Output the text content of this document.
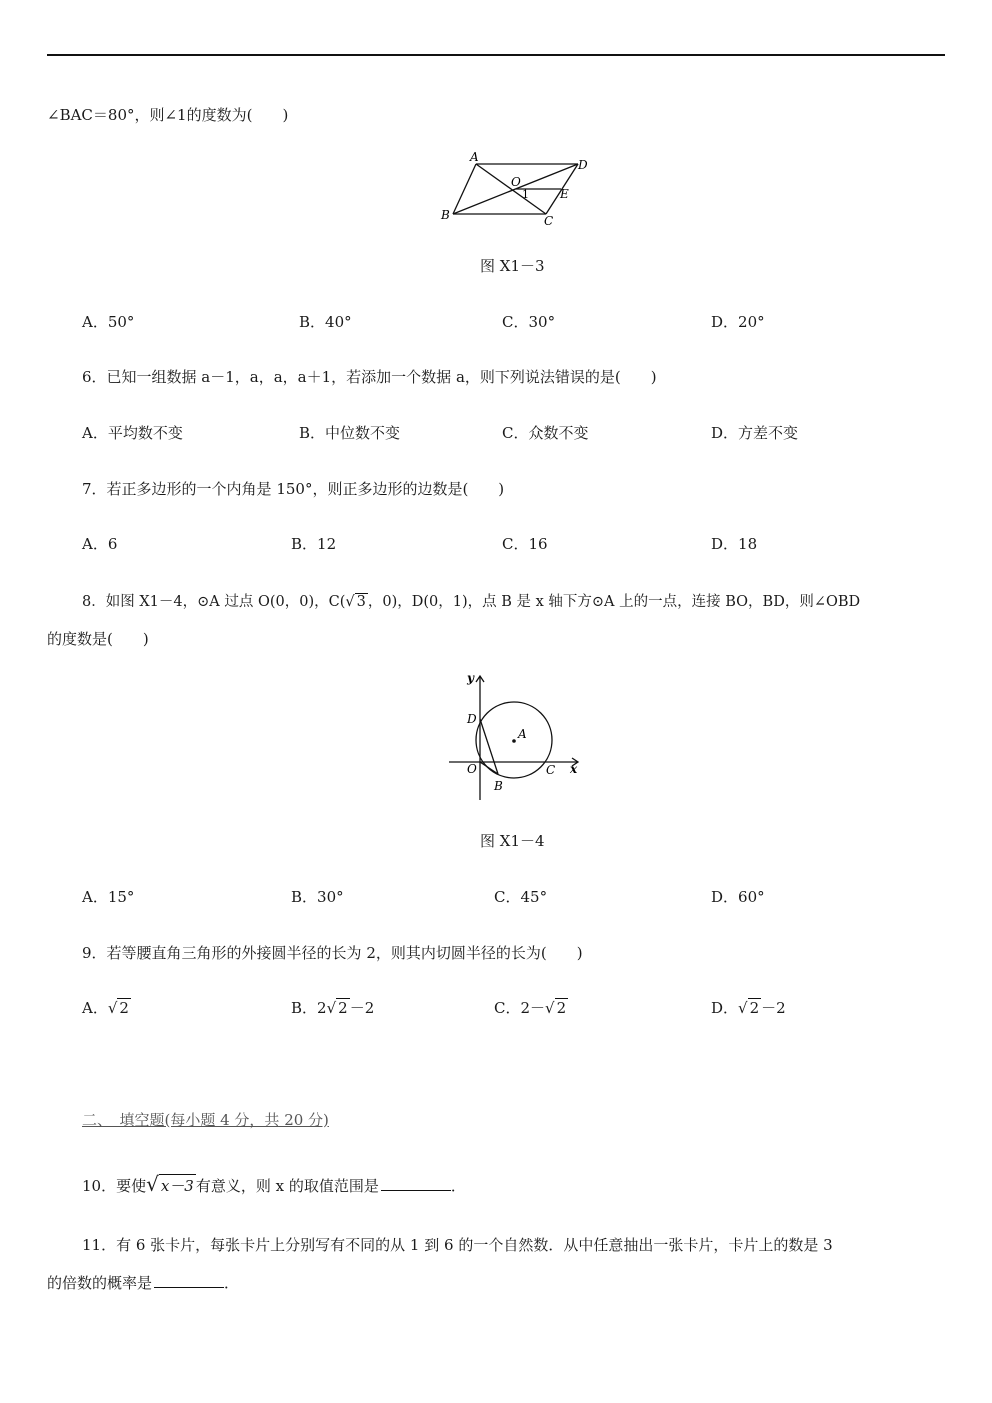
∠BAC＝80°，则∠1的度数为(　　)
A
D
O
E
1
B	C
图 X1－3
A．50°	B．40°	C．30°	D．20°
6．已知一组数据 a－1，a，a，a＋1，若添加一个数据 a，则下列说法错误的是(　　)
A．平均数不变	B．中位数不变	C．众数不变	D．方差不变
7．若正多边形的一个内角是 150°，则正多边形的边数是(　　)
A．6	B．12	C．16	D．18
8．如图 X1－4，⊙A 过点 O(0，0)，C(√ 3 ，0)，D(0，1)，点 B 是 x 轴下方⊙A 上的一点，连接 BO，BD，则∠OBD
的度数是(　　)
y
D
A
O	C x
B
图 X1－4
A．15°	B．30°	C．45°	D．60°
9．若等腰直角三角形的外接圆半径的长为 2，则其内切圆半径的长为(　　)
A．√ 2	B．2√ 2 －2	C．2－√ 2	D．√ 2 －2
二、　填空题(每小题 4 分，共 20 分)
10．要使√ x－3 有意义，则 x 的取值范围是	．
11．有 6 张卡片，每张卡片上分别写有不同的从 1 到 6 的一个自然数．从中任意抽出一张卡片，卡片上的数是 3
的倍数的概率是	．
